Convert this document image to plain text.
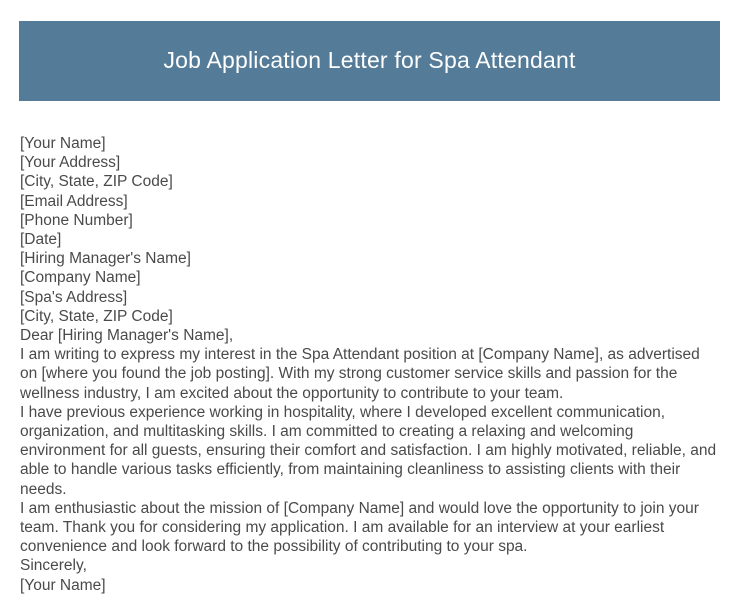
Job Application Letter for Spa Attendant
[Your Name]
[Your Address]
[City, State, ZIP Code]
[Email Address]
[Phone Number]
[Date]
[Hiring Manager's Name]
[Company Name]
[Spa's Address]
[City, State, ZIP Code]
Dear [Hiring Manager's Name],
I am writing to express my interest in the Spa Attendant position at [Company Name], as advertised on [where you found the job posting]. With my strong customer service skills and passion for the wellness industry, I am excited about the opportunity to contribute to your team.
I have previous experience working in hospitality, where I developed excellent communication, organization, and multitasking skills. I am committed to creating a relaxing and welcoming environment for all guests, ensuring their comfort and satisfaction. I am highly motivated, reliable, and able to handle various tasks efficiently, from maintaining cleanliness to assisting clients with their needs.
I am enthusiastic about the mission of [Company Name] and would love the opportunity to join your team. Thank you for considering my application. I am available for an interview at your earliest convenience and look forward to the possibility of contributing to your spa.
Sincerely,
[Your Name]
